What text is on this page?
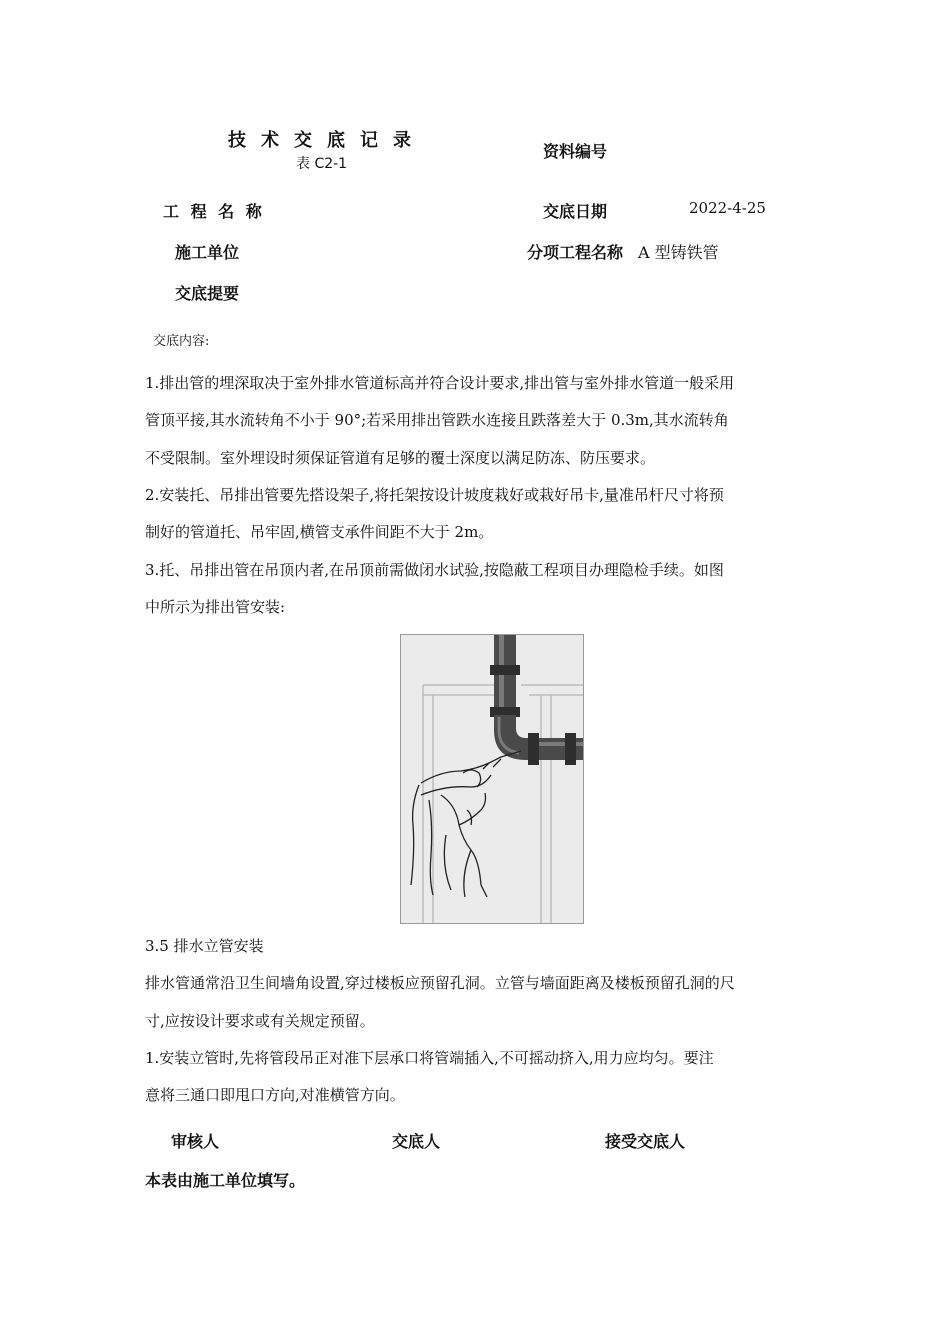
技术交底记录
表 C2-1
资料编号
工 程 名 称	交底日期	2022-4-25
施工单位	分项工程名称 A 型铸铁管
交底提要
交底内容:
1.排出管的埋深取决于室外排水管道标高并符合设计要求,排出管与室外排水管道一般采用
管顶平接,其水流转角不小于 90°;若采用排出管跌水连接且跌落差大于 0.3m,其水流转角
不受限制。室外埋设时须保证管道有足够的覆士深度以满足防冻、防压要求。
2.安装托、吊排出管要先搭设架子,将托架按设计坡度栽好或栽好吊卡,量准吊杆尺寸将预
制好的管道托、吊牢固,横管支承件间距不大于 2m。
3.托、吊排出管在吊顶内者,在吊顶前需做闭水试验,按隐蔽工程项目办理隐检手续。如图
中所示为排出管安装:
3.5 排水立管安装
排水管通常沿卫生间墙角设置,穿过楼板应预留孔洞。立管与墙面距离及楼板预留孔洞的尺
寸,应按设计要求或有关规定预留。
1.安装立管时,先将管段吊正对准下层承口将管端插入,不可摇动挤入,用力应均匀。要注
意将三通口即甩口方向,对准横管方向。
审核人	交底人	接受交底人
本表由施工单位填写。
